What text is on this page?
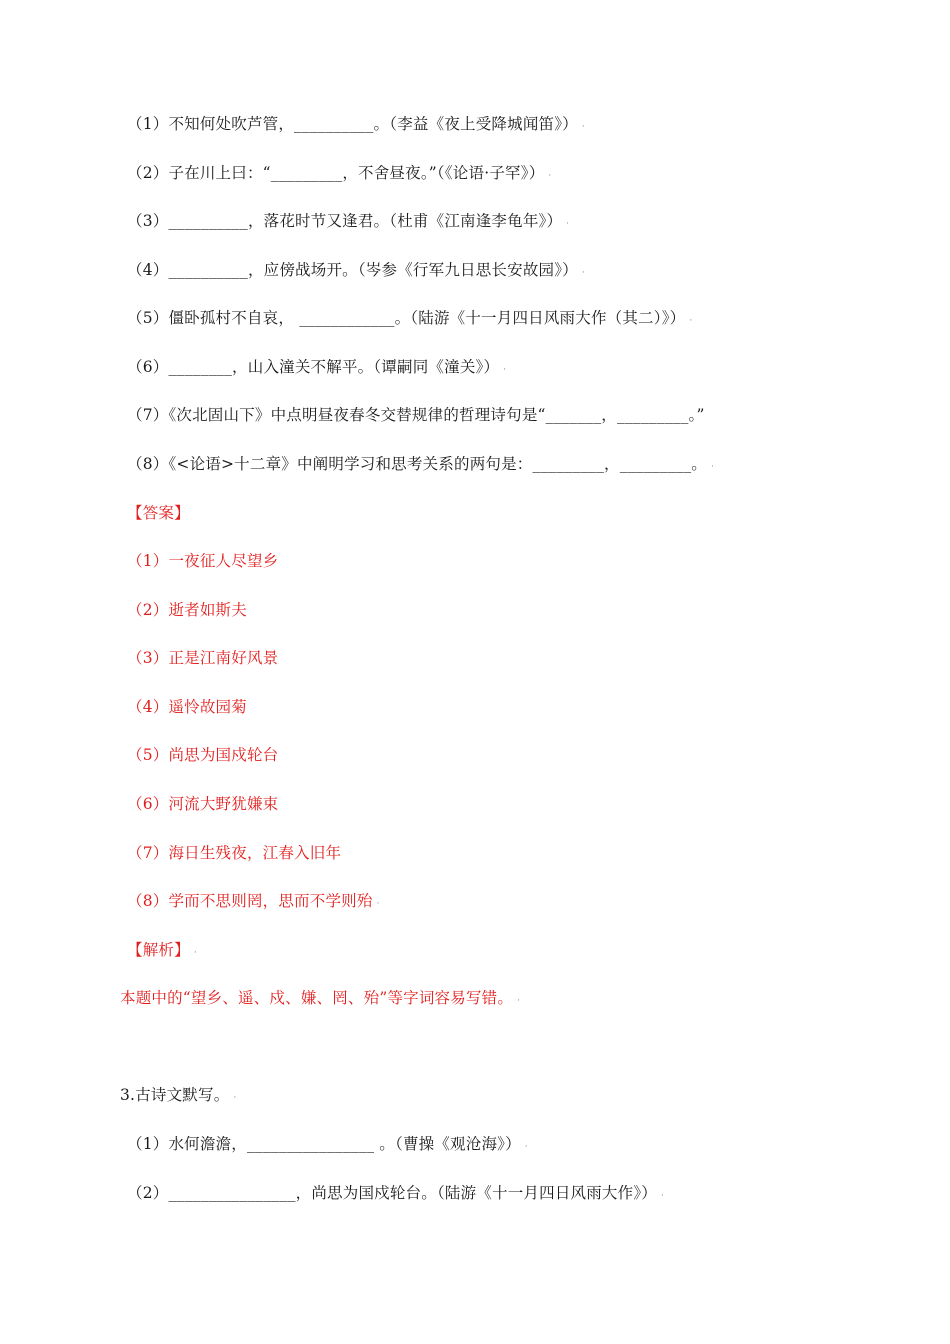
（1）不知何处吹芦管，__________。（李益《夜上受降城闻笛》） ·
（2）子在川上曰：“_________，不舍昼夜。”（《论语·子罕》） ·
（3）__________，落花时节又逢君。（杜甫《江南逢李龟年》） ·
（4）__________，应傍战场开。（岑参《行军九日思长安故园》） ·
（5）僵卧孤村不自哀， ____________。（陆游《十一月四日风雨大作（其二）》） ·
（6）________，山入潼关不解平。（谭嗣同《潼关》） ·
（7）《次北固山下》中点明昼夜春冬交替规律的哲理诗句是“_______，_________。”
（8）《<论语>十二章》中阐明学习和思考关系的两句是：_________，_________。 ·
【答案】
（1）一夜征人尽望乡
（2）逝者如斯夫
（3）正是江南好风景
（4）遥怜故园菊
（5）尚思为国戍轮台
（6）河流大野犹嫌束
（7）海日生残夜，江春入旧年
（8）学而不思则罔，思而不学则殆 ·
【解析】 ·
本题中的“望乡、遥、戍、嫌、罔、殆”等字词容易写错。 ·
3.古诗文默写。 ·
（1）水何澹澹，________________ 。（曹操《观沧海》） ·
（2）________________，尚思为国戍轮台。（陆游《十一月四日风雨大作》） ·
